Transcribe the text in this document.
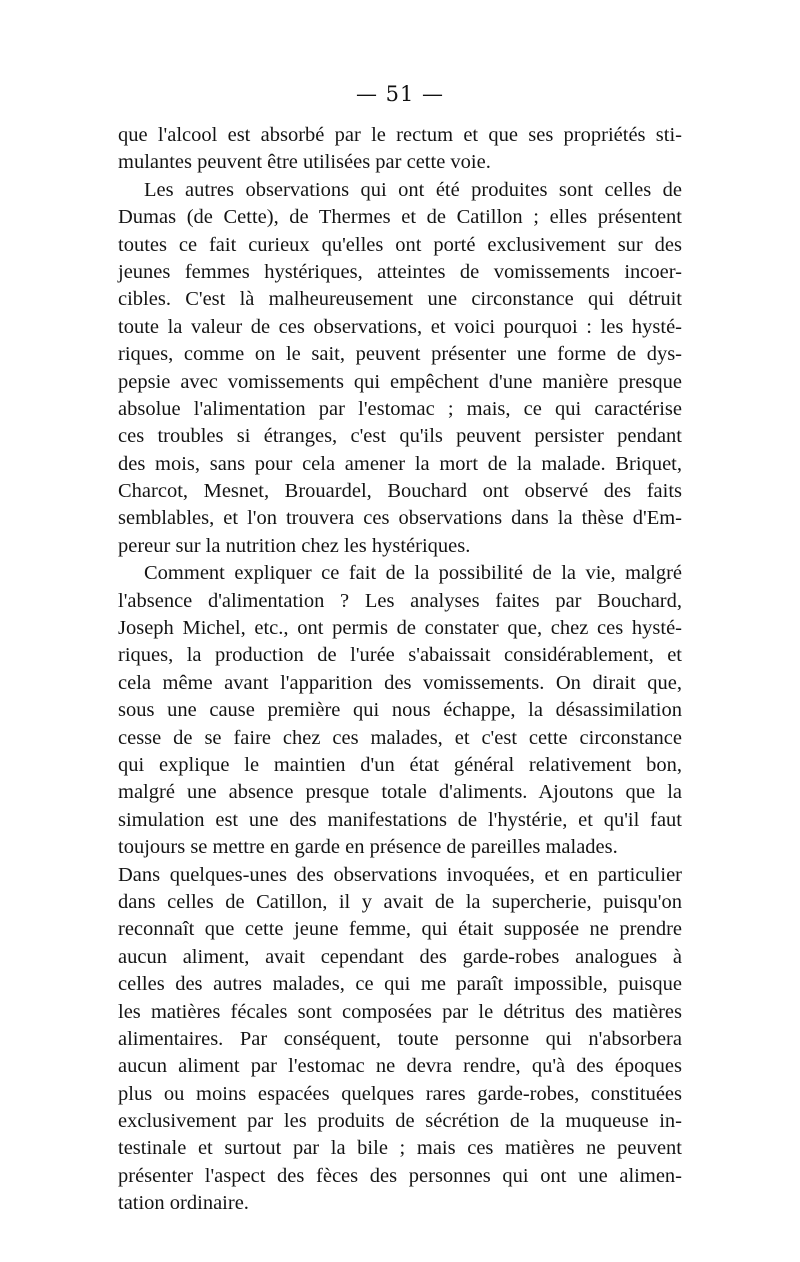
— 51 —
que l'alcool est absorbé par le rectum et que ses propriétés sti-
mulantes peuvent être utilisées par cette voie.
Les autres observations qui ont été produites sont celles de
Dumas (de Cette), de Thermes et de Catillon ; elles présentent
toutes ce fait curieux qu'elles ont porté exclusivement sur des
jeunes femmes hystériques, atteintes de vomissements incoer-
cibles. C'est là malheureusement une circonstance qui détruit
toute la valeur de ces observations, et voici pourquoi : les hysté-
riques, comme on le sait, peuvent présenter une forme de dys-
pepsie avec vomissements qui empêchent d'une manière presque
absolue l'alimentation par l'estomac ; mais, ce qui caractérise
ces troubles si étranges, c'est qu'ils peuvent persister pendant
des mois, sans pour cela amener la mort de la malade. Briquet,
Charcot, Mesnet, Brouardel, Bouchard ont observé des faits
semblables, et l'on trouvera ces observations dans la thèse d'Em-
pereur sur la nutrition chez les hystériques.
Comment expliquer ce fait de la possibilité de la vie, malgré
l'absence d'alimentation ? Les analyses faites par Bouchard,
Joseph Michel, etc., ont permis de constater que, chez ces hysté-
riques, la production de l'urée s'abaissait considérablement, et
cela même avant l'apparition des vomissements. On dirait que,
sous une cause première qui nous échappe, la désassimilation
cesse de se faire chez ces malades, et c'est cette circonstance
qui explique le maintien d'un état général relativement bon,
malgré une absence presque totale d'aliments. Ajoutons que la
simulation est une des manifestations de l'hystérie, et qu'il faut
toujours se mettre en garde en présence de pareilles malades.
Dans quelques-unes des observations invoquées, et en particulier
dans celles de Catillon, il y avait de la supercherie, puisqu'on
reconnaît que cette jeune femme, qui était supposée ne prendre
aucun aliment, avait cependant des garde-robes analogues à
celles des autres malades, ce qui me paraît impossible, puisque
les matières fécales sont composées par le détritus des matières
alimentaires. Par conséquent, toute personne qui n'absorbera
aucun aliment par l'estomac ne devra rendre, qu'à des époques
plus ou moins espacées quelques rares garde-robes, constituées
exclusivement par les produits de sécrétion de la muqueuse in-
testinale et surtout par la bile ; mais ces matières ne peuvent
présenter l'aspect des fèces des personnes qui ont une alimen-
tation ordinaire.
